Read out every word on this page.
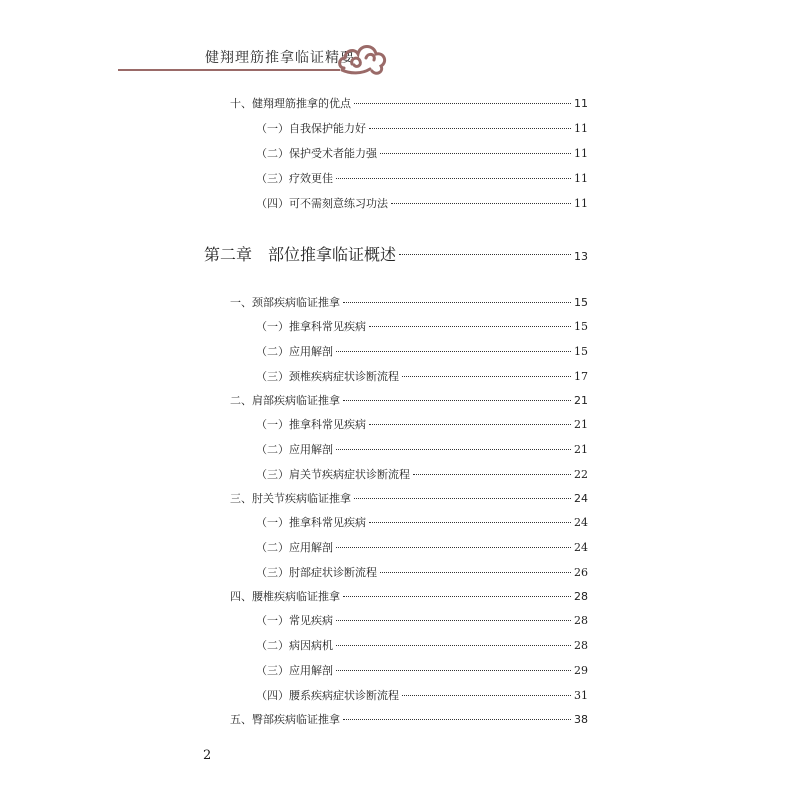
健翔理筋推拿临证精要
十、健翔理筋推拿的优点	11
（一）自我保护能力好	11
（二）保护受术者能力强	11
（三）疗效更佳	11
（四）可不需刻意练习功法	11
第二章　部位推拿临证概述	13
一、颈部疾病临证推拿	15
（一）推拿科常见疾病	15
（二）应用解剖	15
（三）颈椎疾病症状诊断流程	17
二、肩部疾病临证推拿	21
（一）推拿科常见疾病	21
（二）应用解剖	21
（三）肩关节疾病症状诊断流程	22
三、肘关节疾病临证推拿	24
（一）推拿科常见疾病	24
（二）应用解剖	24
（三）肘部症状诊断流程	26
四、腰椎疾病临证推拿	28
（一）常见疾病	28
（二）病因病机	28
（三）应用解剖	29
（四）腰系疾病症状诊断流程	31
五、臀部疾病临证推拿	38
2
